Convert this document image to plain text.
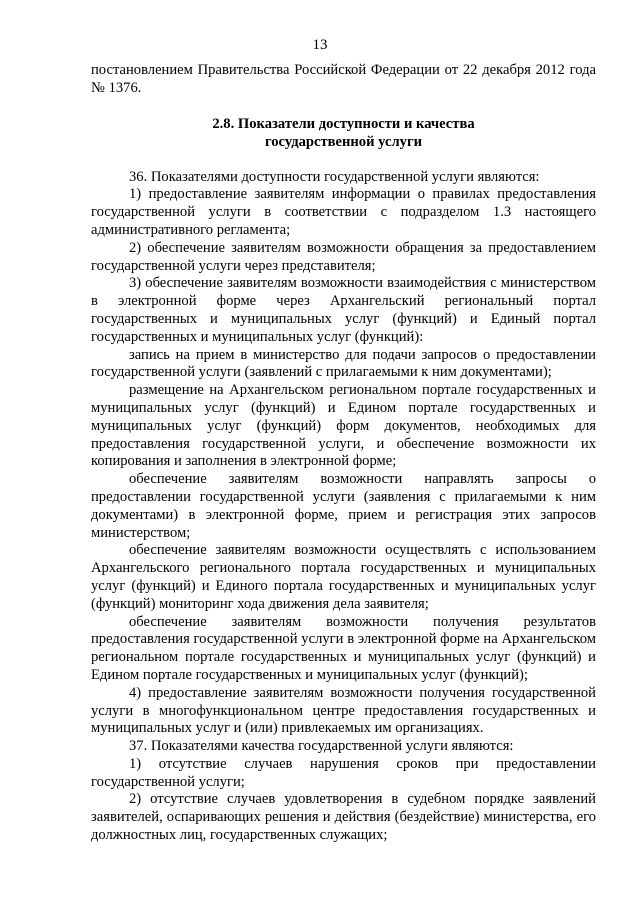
13

постановлением Правительства Российской Федерации от 22 декабря 2012 года № 1376.

2.8. Показатели доступности и качества
государственной услуги

36. Показателями доступности государственной услуги являются:

1) предоставление заявителям информации о правилах предоставления государственной услуги в соответствии с подразделом 1.3 настоящего административного регламента;

2) обеспечение заявителям возможности обращения за предоставлением государственной услуги через представителя;

3) обеспечение заявителям возможности взаимодействия с министерством в электронной форме через Архангельский региональный портал государственных и муниципальных услуг (функций) и Единый портал государственных и муниципальных услуг (функций):

запись на прием в министерство для подачи запросов о предоставлении государственной услуги (заявлений с прилагаемыми к ним документами);

размещение на Архангельском региональном портале государственных и муниципальных услуг (функций) и Едином портале государственных и муниципальных услуг (функций) форм документов, необходимых для предоставления государственной услуги, и обеспечение возможности их копирования и заполнения в электронной форме;

обеспечение заявителям возможности направлять запросы о предоставлении государственной услуги (заявления с прилагаемыми к ним документами) в электронной форме, прием и регистрация этих запросов министерством;

обеспечение заявителям возможности осуществлять с использованием Архангельского регионального портала государственных и муниципальных услуг (функций) и Единого портала государственных и муниципальных услуг (функций) мониторинг хода движения дела заявителя;

обеспечение заявителям возможности получения результатов предоставления государственной услуги в электронной форме на Архангельском региональном портале государственных и муниципальных услуг (функций) и Едином портале государственных и муниципальных услуг (функций);

4) предоставление заявителям возможности получения государственной услуги в многофункциональном центре предоставления государственных и муниципальных услуг и (или) привлекаемых им организациях.

37. Показателями качества государственной услуги являются:

1) отсутствие случаев нарушения сроков при предоставлении государственной услуги;

2) отсутствие случаев удовлетворения в судебном порядке заявлений заявителей, оспаривающих решения и действия (бездействие) министерства, его должностных лиц, государственных служащих;
